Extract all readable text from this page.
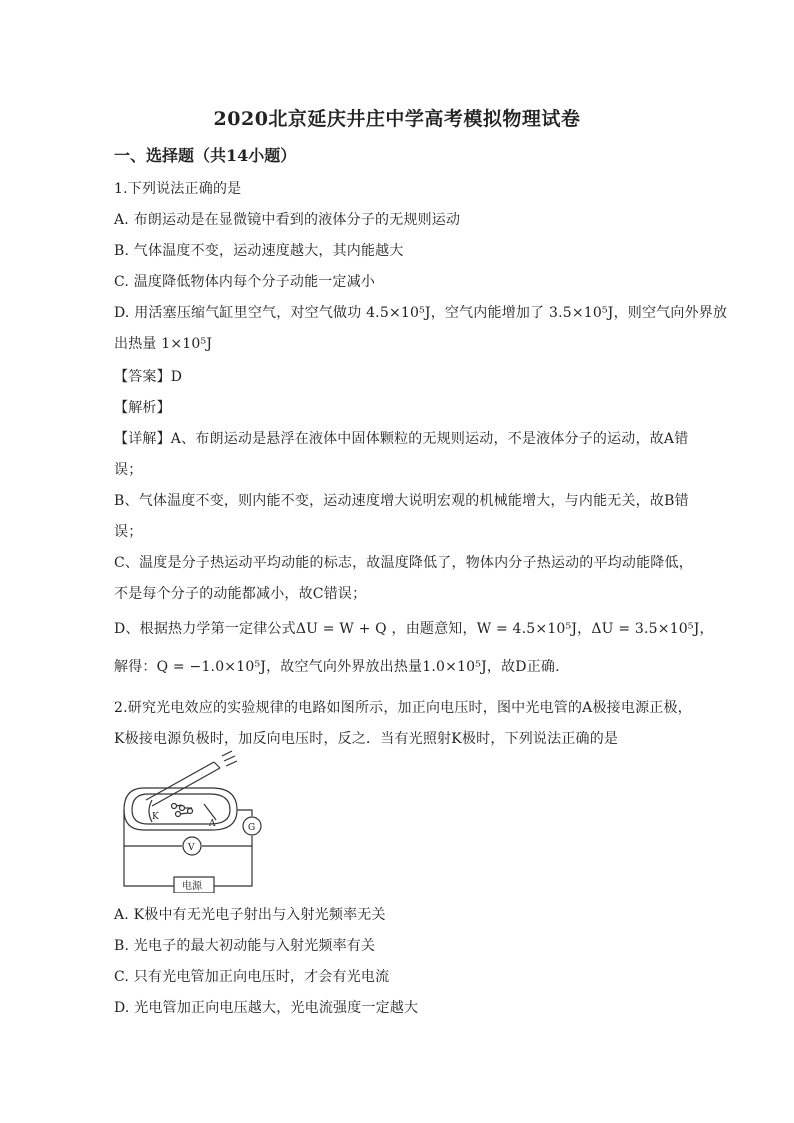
2020北京延庆井庄中学高考模拟物理试卷
一、选择题（共14小题）
1.下列说法正确的是
A. 布朗运动是在显微镜中看到的液体分子的无规则运动
B. 气体温度不变，运动速度越大，其内能越大
C. 温度降低物体内每个分子动能一定减小
D. 用活塞压缩气缸里空气，对空气做功 4.5×10⁵J，空气内能增加了 3.5×10⁵J，则空气向外界放
出热量 1×10⁵J
【答案】D
【解析】
【详解】A、布朗运动是悬浮在液体中固体颗粒的无规则运动，不是液体分子的运动，故A错
误；
B、气体温度不变，则内能不变，运动速度增大说明宏观的机械能增大，与内能无关，故B错
误；
C、温度是分子热运动平均动能的标志，故温度降低了，物体内分子热运动的平均动能降低，
不是每个分子的动能都减小，故C错误；
D、根据热力学第一定律公式ΔU = W + Q ，由题意知，W = 4.5×10⁵J，ΔU = 3.5×10⁵J，
解得：Q = −1.0×10⁵J，故空气向外界放出热量1.0×10⁵J，故D正确.
2.研究光电效应的实验规律的电路如图所示，加正向电压时，图中光电管的A极接电源正极，
K极接电源负极时，加反向电压时，反之．当有光照射K极时，下列说法正确的是
K
A	G
V
电源
A. K极中有无光电子射出与入射光频率无关
B. 光电子的最大初动能与入射光频率有关
C. 只有光电管加正向电压时，才会有光电流
D. 光电管加正向电压越大，光电流强度一定越大
